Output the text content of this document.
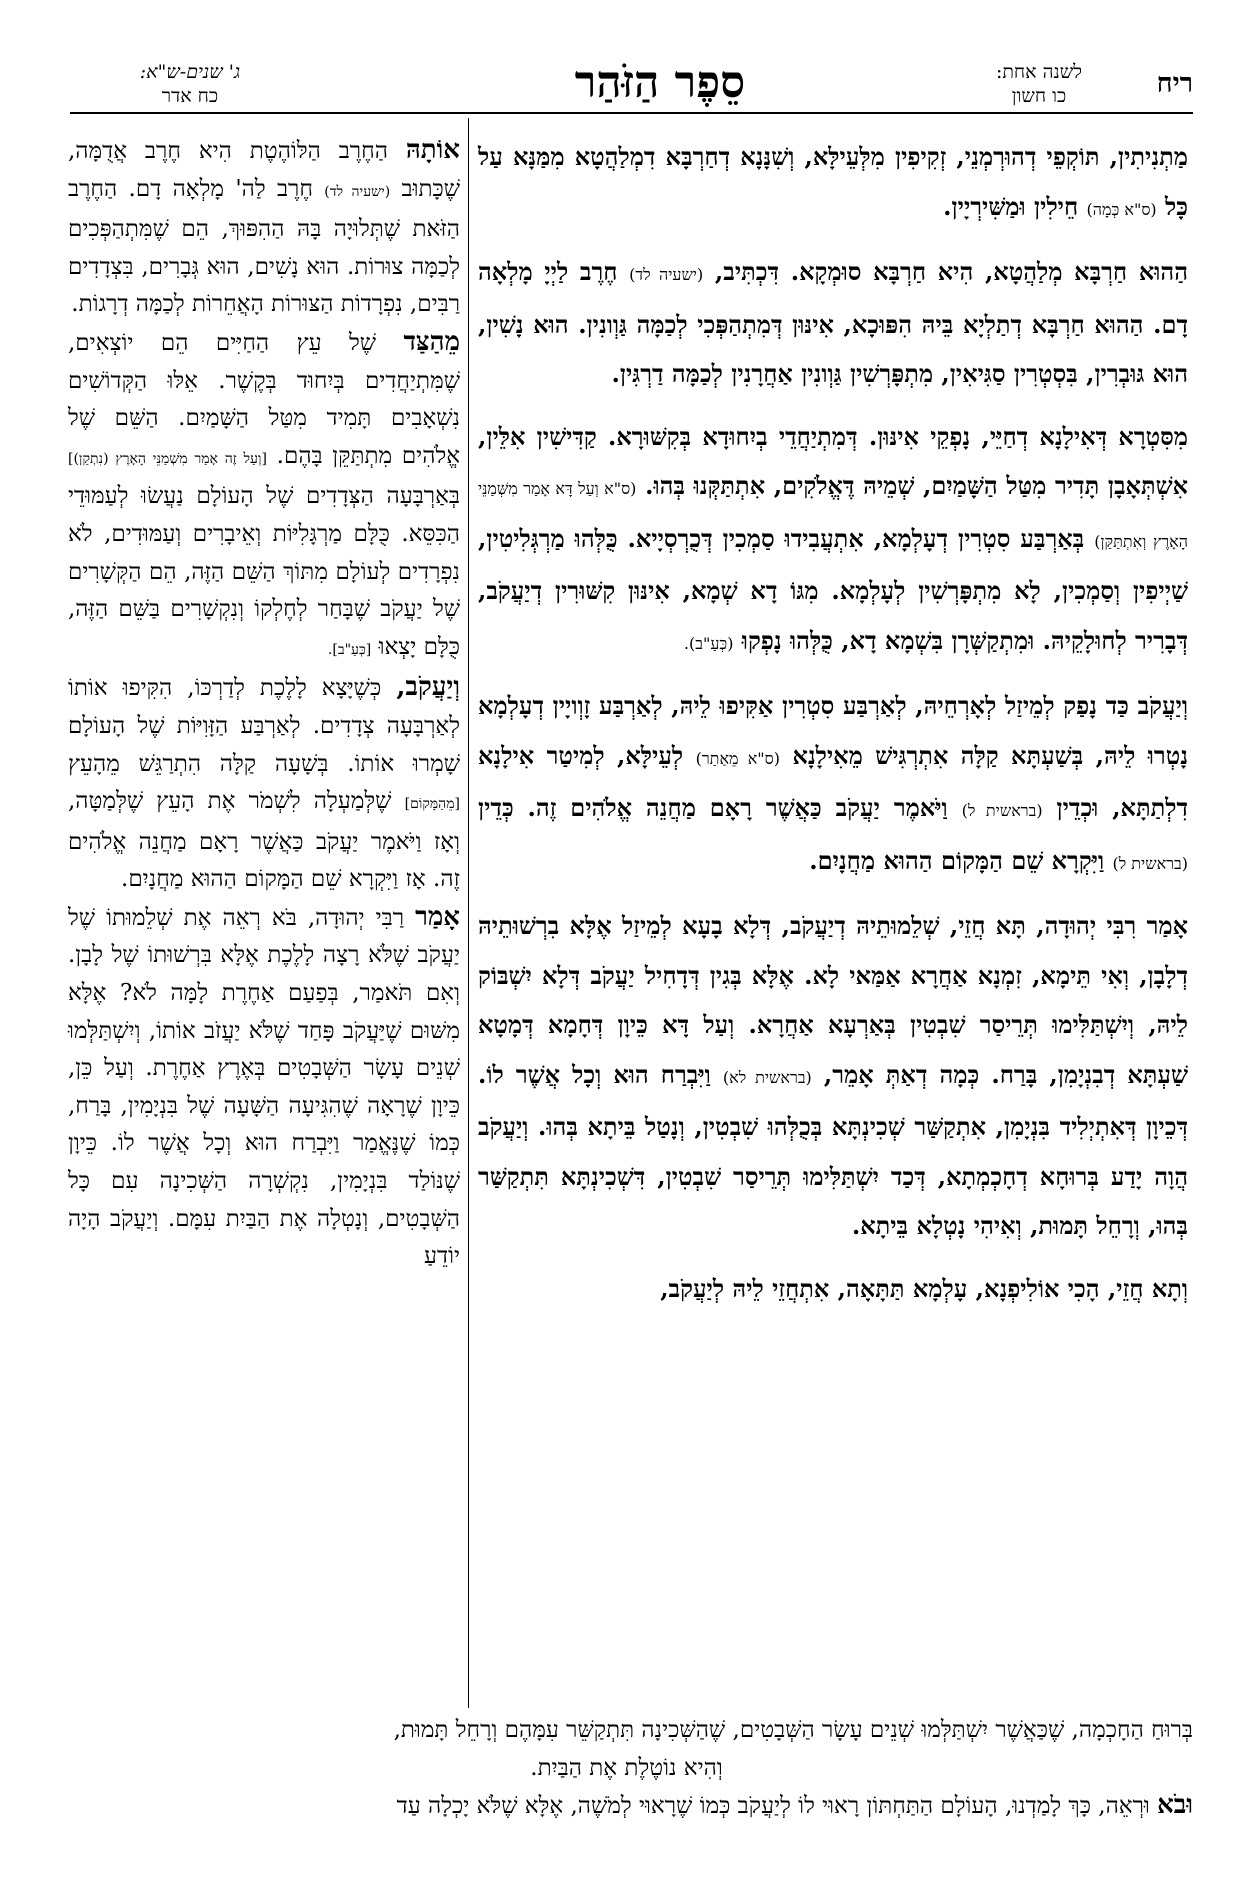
ג' שנים-ש"א:
כח אדר	סֵפֶר הַזֹּהַר	לשנה אחת:
כו חשון	ריח

מַתְנִיתִין, תּוֹקְפֵי דְהוּרְמְנֵי, זְקִיפִין מִלְּעֵילָּא, וְשִׁנָּנָא דְחַרְבָּא דִמְלַהֲטָא מִמַּנָּא עַל כָּל (ס"א כְּמָה) חֵילִין וּמַשִּׁירְיָין.

הַהוּא חַרְבָּא מְלַהֲטָא, הִיא חַרְבָּא סוּמְקָא. דִּכְתִּיב, (ישעיה לד) חֶרֶב לַיְיָ מָלְאָה דָם. הַהוּא חַרְבָּא דְתַלְיָא בֵּיהּ הִפּוּכָא, אִינּוּן דְּמִתְהַפְּכִי לְכַמָּה גַּוְונִין. הוּא נָשִׁין, הוּא גּוּבְרִין, בִּסְטְרִין סַגִּיאִין, מִתְפָּרְשִׁין גַּוְונִין אַחֲרָנִין לְכַמָּה דַרְגִּין.

מִסִּטְרָא דְּאִילָנָא דְחַיֵּי, נָפְקֵי אִינּוּן. דְּמִתְיַחֲדֵי בְיִחוּדָא בְּקִשּׁוּרָא. קַדִּישִׁין אִלֵּין, אִשְׁתְּאָבָן תָּדִיר מִטַּל הַשָּׁמַיִם, שְׁמֵיהּ דֶּאֱלֹקִים, אִתְתַּקְּנוּ בְּהוּ. (ס"א וְעַל דָּא אָמַר מִשְּׁמַנֵּי הָאָרֶץ וְאִתְתַּקַּן) בְּאַרְבַּע סִטְרִין דְעָלְמָא, אִתְעֲבִידוּ סַמְכִין דְּכֻרְסְיָיא. כֻּלְּהוּ מַרְגְּלִיטִין, שַׁיְיפִין וְסַמְכִין, לָא מִתְפָּרְשִׁין לְעָלְמָא. מִגּוֹ דָא שְׁמָא, אִינּוּן קִשּׁוּרִין דְיַעֲקֹב, דְּבָרִיר לְחוּלָקֵיהּ. וּמִתְקַשְּׁרָן בִּשְׁמָא דָא, כֻּלְּהוּ נָפְקוּ (כְּעַ"ב).

וְיַעֲקֹב כַּד נָפַק לְמֵיזַל לְאָרְחֵיהּ, לְאַרְבַּע סִטְרִין אַקִּיפוּ לֵיהּ, לְאַרְבַּע זָוְויָין דְעָלְמָא נָטְרוּ לֵיהּ, בְּשַׁעְתָּא קַלָּה אִתְרְגִּישׁ מֵאִילָנָא (ס"א מֵאַתַר) לְעֵילָּא, לְמִיטַר אִילָנָא דִלְתַתָּא, וּכְדֵין (בראשית ל) וַיֹּאמֶר יַעֲקֹב כַּאֲשֶׁר רָאָם מַחֲנֵה אֱלֹהִים זֶה. כְּדֵין (בראשית ל) וַיִּקְרָא שֵׁם הַמָּקוֹם הַהוּא מַחֲנָיִם.

אָמַר רִבִּי יְהוּדָה, תָּא חֲזֵי, שְׁלֵמוּתֵיהּ דְיַעֲקֹב, דְּלָא בָעָא לְמֵיזַל אֶלָּא בִרְשׁוּתֵיהּ דְלָבָן, וְאִי תֵּימָא, זִמְנָא אַחֲרָא אַמַּאי לָא. אֶלָּא בְּגִין דְּדָחִיל יַעֲקֹב דְּלָא יִשְׁבּוֹק לֵיהּ, וְיִשְׁתַּלִּימוּ תְּרֵיסַר שִׁבְטִין בְּאַרְעָא אַחֲרָא. וְעַל דָּא כֵּיוָן דְּחָמָא דְּמָטָא שַׁעְתָּא דְבִנְיָמִן, בָּרַח. כְּמָה דְאַתְּ אָמֵר, (בראשית לא) וַיִּבְרַח הוּא וְכָל אֲשֶׁר לוֹ. דְּכֵיוָן דְּאִתְיְלִיד בִּנְיָמִן, אִתְקַשַּׁר שְׁכִינְתָּא בְּכֻלְּהוּ שִׁבְטִין, וְנָטַל בֵּיתָא בְּהוּ. וְיַעֲקֹב הֲוָה יָדַע בְּרוּחָא דְחָכְמְתָא, דְּכַד יִשְׁתַּלִּימוּ תְּרֵיסַר שִׁבְטִין, דִּשְׁכִינְתָּא תִּתְקַשַּׁר בְּהוּ, וְרָחֵל תָּמוּת, וְאִיהִי נָטְלָא בֵּיתָא.

וְתָא חֲזֵי, הָכִי אוֹלִיפְנָא, עָלְמָא תַּתָּאָה, אִתְחֲזֵי לֵיהּ לְיַעֲקֹב,

אוֹתָהּ הַחֶרֶב הַלּוֹהֶטֶת הִיא חֶרֶב אֲדֻמָּה, שֶׁכָּתוּב (ישעיה לד) חֶרֶב לַה' מָלְאָה דָם. הַחֶרֶב הַזֹּאת שֶׁתְּלוּיָה בָּהּ הַהִפּוּךְ, הֵם שֶׁמִּתְהַפְּכִים לְכַמָּה צוּרוֹת. הוּא נָשִׁים, הוּא גְּבָרִים, בִּצְדָדִים רַבִּים, נִפְרָדוֹת הַצּוּרוֹת הָאֲחֵרוֹת לְכַמָּה דְרָגוֹת.

מֵהַצַּד שֶׁל עֵץ הַחַיִּים הֵם יוֹצְאִים, שֶׁמִּתְיַחֲדִים בְּיִחוּד בְּקֶשֶׁר. אֵלּוּ הַקְּדוֹשִׁים נִשְׁאָבִים תָּמִיד מִטַּל הַשָּׁמַיִם. הַשֵּׁם שֶׁל אֱלֹהִים מִתְתַּקֵּן בָּהֶם. [וְעַל זֶה אָמַר מִשְׁמַנֵּי הָאָרֶץ (נִתְקַן)] בְּאַרְבָּעָה הַצְּדָדִים שֶׁל הָעוֹלָם נַעֲשׂוּ לְעַמּוּדֵי הַכִּסֵּא. כֻּלָּם מַרְגָּלִיּוֹת וְאֵיבָרִים וְעַמּוּדִים, לֹא נִפְרָדִים לְעוֹלָם מִתּוֹךְ הַשֵּׁם הַזֶּה, הֵם הַקְּשָׁרִים שֶׁל יַעֲקֹב שֶׁבָּחַר לְחֶלְקוֹ וְנִקְשָׁרִים בַּשֵּׁם הַזֶּה, כֻּלָּם יָצְאוּ [כְּעַ"ב].

וְיַעֲקֹב, כְּשֶׁיָּצָא לָלֶכֶת לְדַרְכּוֹ, הִקִּיפוּ אוֹתוֹ לְאַרְבָּעָה צְדָדִים. לְאַרְבַּע הַזָּוִיּוֹת שֶׁל הָעוֹלָם שָׁמְרוּ אוֹתוֹ. בְּשָׁעָה קַלָּה הִתְרַגֵּשׁ מֵהָעֵץ [מֵהַמָּקוֹם] שֶׁלְּמַעְלָה לִשְׁמֹר אֶת הָעֵץ שֶׁלְּמַטָּה, וְאָז וַיֹּאמֶר יַעֲקֹב כַּאֲשֶׁר רָאָם מַחֲנֵה אֱלֹהִים זֶה. אָז וַיִּקְרָא שֵׁם הַמָּקוֹם הַהוּא מַחֲנָיִם.

אָמַר רַבִּי יְהוּדָה, בֹּא רְאֵה אֶת שְׁלֵמוּתוֹ שֶׁל יַעֲקֹב שֶׁלֹּא רָצָה לָלֶכֶת אֶלָּא בִּרְשׁוּתוֹ שֶׁל לָבָן. וְאִם תֹּאמַר, בְּפַעַם אַחֶרֶת לָמָּה לֹא? אֶלָּא מִשּׁוּם שֶׁיַּעֲקֹב פָּחַד שֶׁלֹּא יַעֲזֹב אוֹתוֹ, וְיִשְׁתַּלְּמוּ שְׁנֵים עָשָׂר הַשְּׁבָטִים בְּאֶרֶץ אַחֶרֶת. וְעַל כֵּן, כֵּיוָן שֶׁרָאָה שֶׁהִגִּיעָה הַשָּׁעָה שֶׁל בִּנְיָמִין, בָּרַח, כְּמוֹ שֶׁנֶּאֱמַר וַיִּבְרַח הוּא וְכָל אֲשֶׁר לוֹ. כֵּיוָן שֶׁנּוֹלַד בִּנְיָמִין, נִקְשְׁרָה הַשְּׁכִינָה עִם כָּל הַשְּׁבָטִים, וְנָטְלָה אֶת הַבַּיִת עִמָּם. וְיַעֲקֹב הָיָה יוֹדֵעַ

בְּרוּחַ הַחָכְמָה, שֶׁכַּאֲשֶׁר יִשְׁתַּלְּמוּ שְׁנֵים עָשָׂר הַשְּׁבָטִים, שֶׁהַשְּׁכִינָה תִּתְקַשֵּׁר עִמָּהֶם וְרָחֵל תָּמוּת,

וְהִיא נוֹטֶלֶת אֶת הַבַּיִת.

וּבֹא וּרְאֵה, כָּךְ לָמַדְנוּ, הָעוֹלָם הַתַּחְתּוֹן רָאוּי לוֹ לְיַעֲקֹב כְּמוֹ שֶׁרָאוּי לְמֹשֶׁה, אֶלָּא שֶׁלֹּא יָכְלָה עַד
